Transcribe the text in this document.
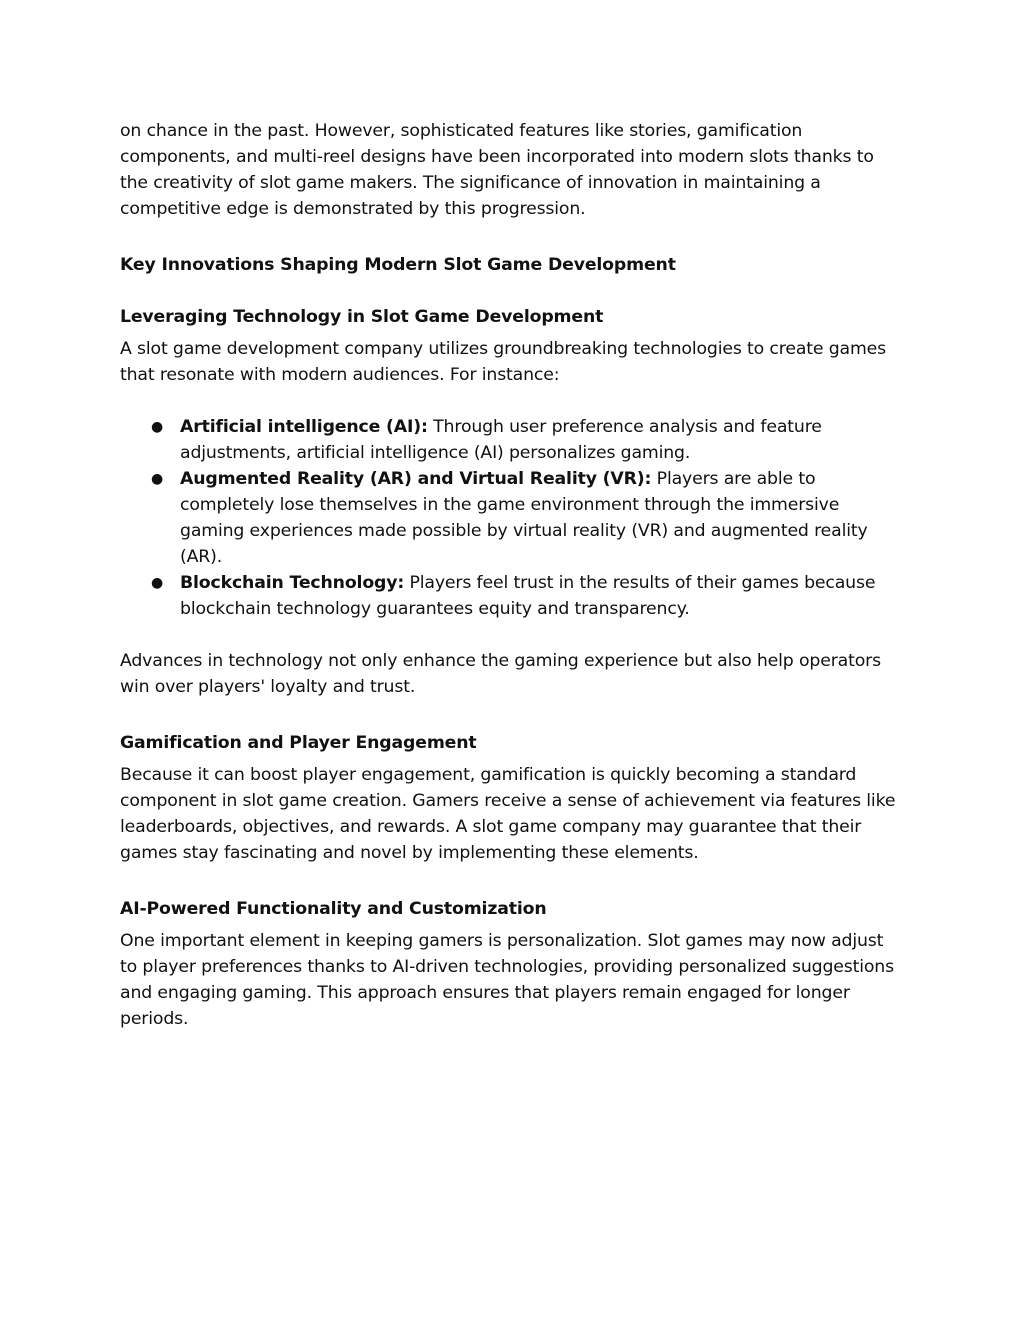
on chance in the past. However, sophisticated features like stories, gamification components, and multi-reel designs have been incorporated into modern slots thanks to the creativity of slot game makers. The significance of innovation in maintaining a competitive edge is demonstrated by this progression.

Key Innovations Shaping Modern Slot Game Development
Leveraging Technology in Slot Game Development

A slot game development company utilizes groundbreaking technologies to create games that resonate with modern audiences. For instance:

● Artificial intelligence (AI): Through user preference analysis and feature adjustments, artificial intelligence (AI) personalizes gaming.
● Augmented Reality (AR) and Virtual Reality (VR): Players are able to completely lose themselves in the game environment through the immersive gaming experiences made possible by virtual reality (VR) and augmented reality (AR).
● Blockchain Technology: Players feel trust in the results of their games because blockchain technology guarantees equity and transparency.

Advances in technology not only enhance the gaming experience but also help operators win over players' loyalty and trust.

Gamification and Player Engagement

Because it can boost player engagement, gamification is quickly becoming a standard component in slot game creation. Gamers receive a sense of achievement via features like leaderboards, objectives, and rewards. A slot game company may guarantee that their games stay fascinating and novel by implementing these elements.

AI-Powered Functionality and Customization

One important element in keeping gamers is personalization. Slot games may now adjust to player preferences thanks to AI-driven technologies, providing personalized suggestions and engaging gaming. This approach ensures that players remain engaged for longer periods.
